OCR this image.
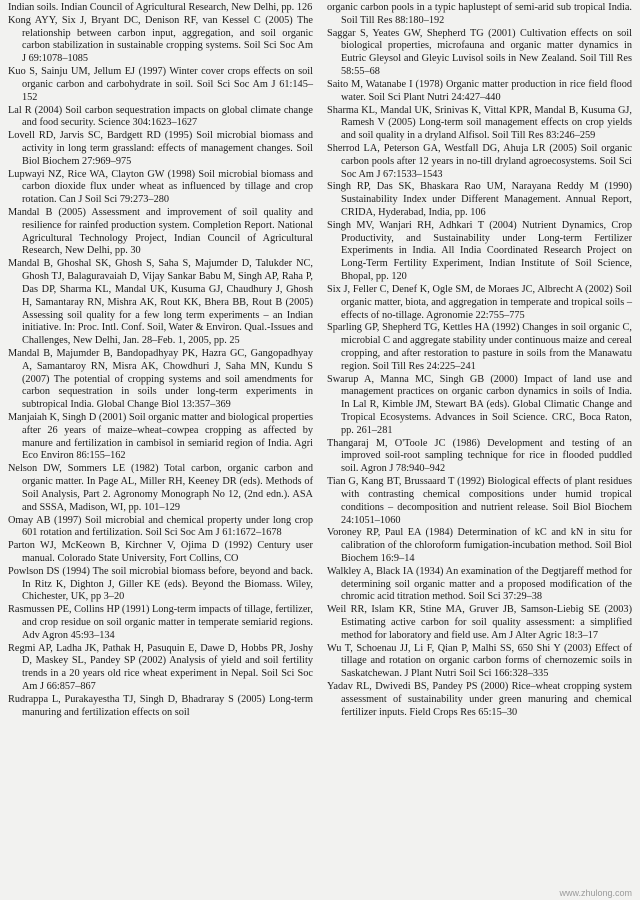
Indian soils. Indian Council of Agricultural Research, New Delhi, pp. 126

Kong AYY, Six J, Bryant DC, Denison RF, van Kessel C (2005) The relationship between carbon input, aggregation, and soil organic carbon stabilization in sustainable cropping systems. Soil Sci Soc Am J 69:1078–1085

Kuo S, Sainju UM, Jellum EJ (1997) Winter cover crops effects on soil organic carbon and carbohydrate in soil. Soil Sci Soc Am J 61:145–152

Lal R (2004) Soil carbon sequestration impacts on global climate change and food security. Science 304:1623–1627

Lovell RD, Jarvis SC, Bardgett RD (1995) Soil microbial biomass and activity in long term grassland: effects of management changes. Soil Biol Biochem 27:969–975

Lupwayi NZ, Rice WA, Clayton GW (1998) Soil microbial biomass and carbon dioxide flux under wheat as influenced by tillage and crop rotation. Can J Soil Sci 79:273–280

Mandal B (2005) Assessment and improvement of soil quality and resilience for rainfed production system. Completion Report. National Agricultural Technology Project, Indian Council of Agricultural Research, New Delhi, pp. 30

Mandal B, Ghoshal SK, Ghosh S, Saha S, Majumder D, Talukder NC, Ghosh TJ, Balaguravaiah D, Vijay Sankar Babu M, Singh AP, Raha P, Das DP, Sharma KL, Mandal UK, Kusuma GJ, Chaudhury J, Ghosh H, Samantaray RN, Mishra AK, Rout KK, Bhera BB, Rout B (2005) Assessing soil quality for a few long term experiments – an Indian initiative. In: Proc. Intl. Conf. Soil, Water & Environ. Qual.-Issues and Challenges, New Delhi, Jan. 28–Feb. 1, 2005, pp. 25

Mandal B, Majumder B, Bandopadhyay PK, Hazra GC, Gangopadhyay A, Samantaroy RN, Misra AK, Chowdhuri J, Saha MN, Kundu S (2007) The potential of cropping systems and soil amendments for carbon sequestration in soils under long-term experiments in subtropical India. Global Change Biol 13:357–369

Manjaiah K, Singh D (2001) Soil organic matter and biological properties after 26 years of maize–wheat–cowpea cropping as affected by manure and fertilization in cambisol in semiarid region of India. Agri Eco Environ 86:155–162

Nelson DW, Sommers LE (1982) Total carbon, organic carbon and organic matter. In Page AL, Miller RH, Keeney DR (eds). Methods of Soil Analysis, Part 2. Agronomy Monograph No 12, (2nd edn.). ASA and SSSA, Madison, WI, pp. 101–129

Omay AB (1997) Soil microbial and chemical property under long crop 601 rotation and fertilization. Soil Sci Soc Am J 61:1672–1678

Parton WJ, McKeown B, Kirchner V, Ojima D (1992) Century user manual. Colorado State University, Fort Collins, CO

Powlson DS (1994) The soil microbial biomass before, beyond and back. In Ritz K, Dighton J, Giller KE (eds). Beyond the Biomass. Wiley, Chichester, UK, pp 3–20

Rasmussen PE, Collins HP (1991) Long-term impacts of tillage, fertilizer, and crop residue on soil organic matter in temperate semiarid regions. Adv Agron 45:93–134

Regmi AP, Ladha JK, Pathak H, Pasuquin E, Dawe D, Hobbs PR, Joshy D, Maskey SL, Pandey SP (2002) Analysis of yield and soil fertility trends in a 20 years old rice wheat experiment in Nepal. Soil Sci Soc Am J 66:857–867

Rudrappa L, Purakayestha TJ, Singh D, Bhadraray S (2005) Long-term manuring and fertilization effects on soil

organic carbon pools in a typic haplustept of semi-arid sub tropical India. Soil Till Res 88:180–192

Saggar S, Yeates GW, Shepherd TG (2001) Cultivation effects on soil biological properties, microfauna and organic matter dynamics in Eutric Gleysol and Gleyic Luvisol soils in New Zealand. Soil Till Res 58:55–68

Saito M, Watanabe I (1978) Organic matter production in rice field flood water. Soil Sci Plant Nutri 24:427–440

Sharma KL, Mandal UK, Srinivas K, Vittal KPR, Mandal B, Kusuma GJ, Ramesh V (2005) Long-term soil management effects on crop yields and soil quality in a dryland Alfisol. Soil Till Res 83:246–259

Sherrod LA, Peterson GA, Westfall DG, Ahuja LR (2005) Soil organic carbon pools after 12 years in no-till dryland agroecosystems. Soil Sci Soc Am J 67:1533–1543

Singh RP, Das SK, Bhaskara Rao UM, Narayana Reddy M (1990) Sustainability Index under Different Management. Annual Report, CRIDA, Hyderabad, India, pp. 106

Singh MV, Wanjari RH, Adhkari T (2004) Nutrient Dynamics, Crop Productivity, and Sustainability under Long-term Fertilizer Experiments in India. All India Coordinated Research Project on Long-Term Fertility Experiment, Indian Institute of Soil Science, Bhopal, pp. 120

Six J, Feller C, Denef K, Ogle SM, de Moraes JC, Albrecht A (2002) Soil organic matter, biota, and aggregation in temperate and tropical soils – effects of no-tillage. Agronomie 22:755–775

Sparling GP, Shepherd TG, Kettles HA (1992) Changes in soil organic C, microbial C and aggregate stability under continuous maize and cereal cropping, and after restoration to pasture in soils from the Manawatu region. Soil Till Res 24:225–241

Swarup A, Manna MC, Singh GB (2000) Impact of land use and management practices on organic carbon dynamics in soils of India. In Lal R, Kimble JM, Stewart BA (eds). Global Climatic Change and Tropical Ecosystems. Advances in Soil Science. CRC, Boca Raton, pp. 261–281

Thangaraj M, O'Toole JC (1986) Development and testing of an improved soil-root sampling technique for rice in flooded puddled soil. Agron J 78:940–942

Tian G, Kang BT, Brussaard T (1992) Biological effects of plant residues with contrasting chemical compositions under humid tropical conditions – decomposition and nutrient release. Soil Biol Biochem 24:1051–1060

Voroney RP, Paul EA (1984) Determination of kC and kN in situ for calibration of the chloroform fumigation-incubation method. Soil Biol Biochem 16:9–14

Walkley A, Black IA (1934) An examination of the Degtjareff method for determining soil organic matter and a proposed modification of the chromic acid titration method. Soil Sci 37:29–38

Weil RR, Islam KR, Stine MA, Gruver JB, Samson-Liebig SE (2003) Estimating active carbon for soil quality assessment: a simplified method for laboratory and field use. Am J Alter Agric 18:3–17

Wu T, Schoenau JJ, Li F, Qian P, Malhi SS, 650 Shi Y (2003) Effect of tillage and rotation on organic carbon forms of chernozemic soils in Saskatchewan. J Plant Nutri Soil Sci 166:328–335

Yadav RL, Dwivedi BS, Pandey PS (2000) Rice–wheat cropping system assessment of sustainability under green manuring and chemical fertilizer inputs. Field Crops Res 65:15–30

www.zhulong.com
